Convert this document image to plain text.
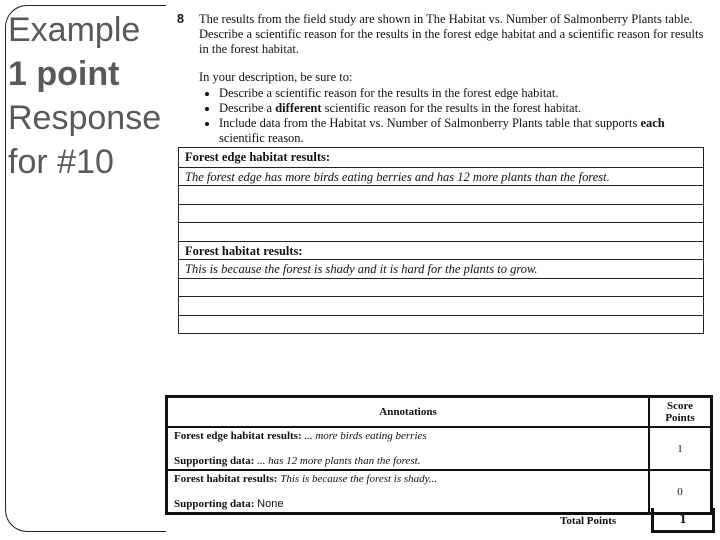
Example
1 point
Response
for #10
8 The results from the field study are shown in The Habitat vs. Number of Salmonberry Plants table. Describe a scientific reason for the results in the forest edge habitat and a scientific reason for results in the forest habitat.
In your description, be sure to:
• Describe a scientific reason for the results in the forest edge habitat.
• Describe a different scientific reason for the results in the forest habitat.
• Include data from the Habitat vs. Number of Salmonberry Plants table that supports each scientific reason.
Forest edge habitat results:
The forest edge has more birds eating berries and has 12 more plants than the forest.
Forest habitat results:
This is because the forest is shady and it is hard for the plants to grow.
Annotations	Score Points

Forest edge habitat results: ... more birds eating berries
Supporting data: ... has 12 more plants than the forest.	1

Forest habitat results: This is because the forest is shady...
Supporting data: None	0
Total Points	1
